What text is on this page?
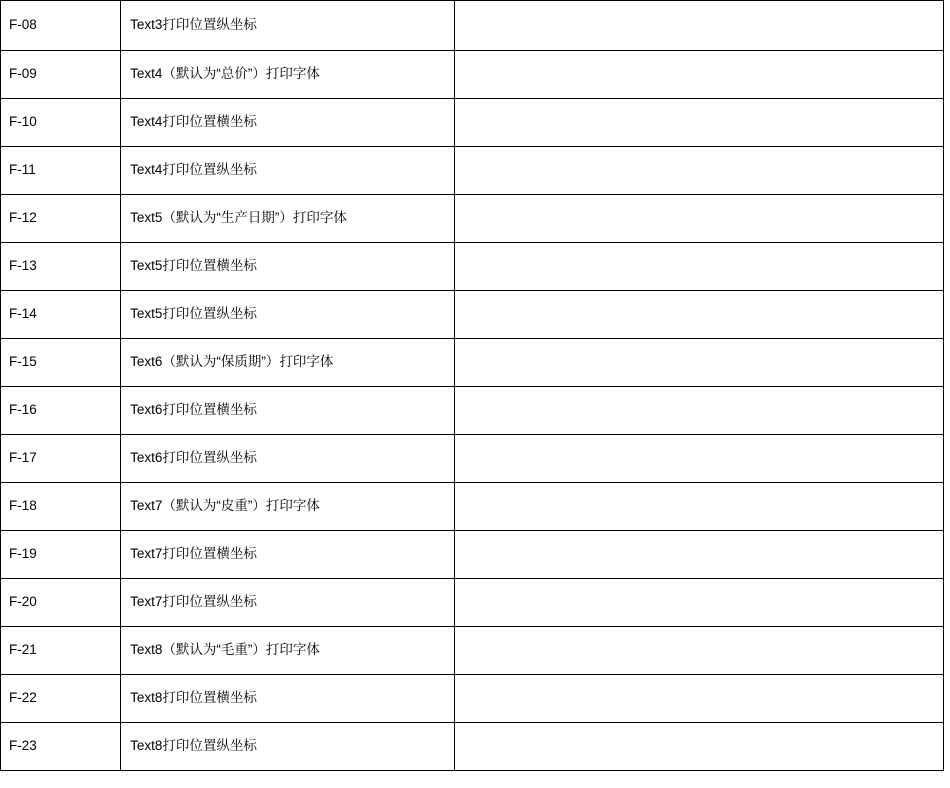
F-08	Text3打印位置纵坐标	

F-09	Text4（默认为“总价”）打印字体	

F-10	Text4打印位置横坐标	

F-11	Text4打印位置纵坐标	

F-12	Text5（默认为“生产日期”）打印字体	

F-13	Text5打印位置横坐标	

F-14	Text5打印位置纵坐标	

F-15	Text6（默认为“保质期”）打印字体	

F-16	Text6打印位置横坐标	

F-17	Text6打印位置纵坐标	

F-18	Text7（默认为“皮重”）打印字体	

F-19	Text7打印位置横坐标	

F-20	Text7打印位置纵坐标	

F-21	Text8（默认为“毛重”）打印字体	

F-22	Text8打印位置横坐标	

F-23	Text8打印位置纵坐标	
